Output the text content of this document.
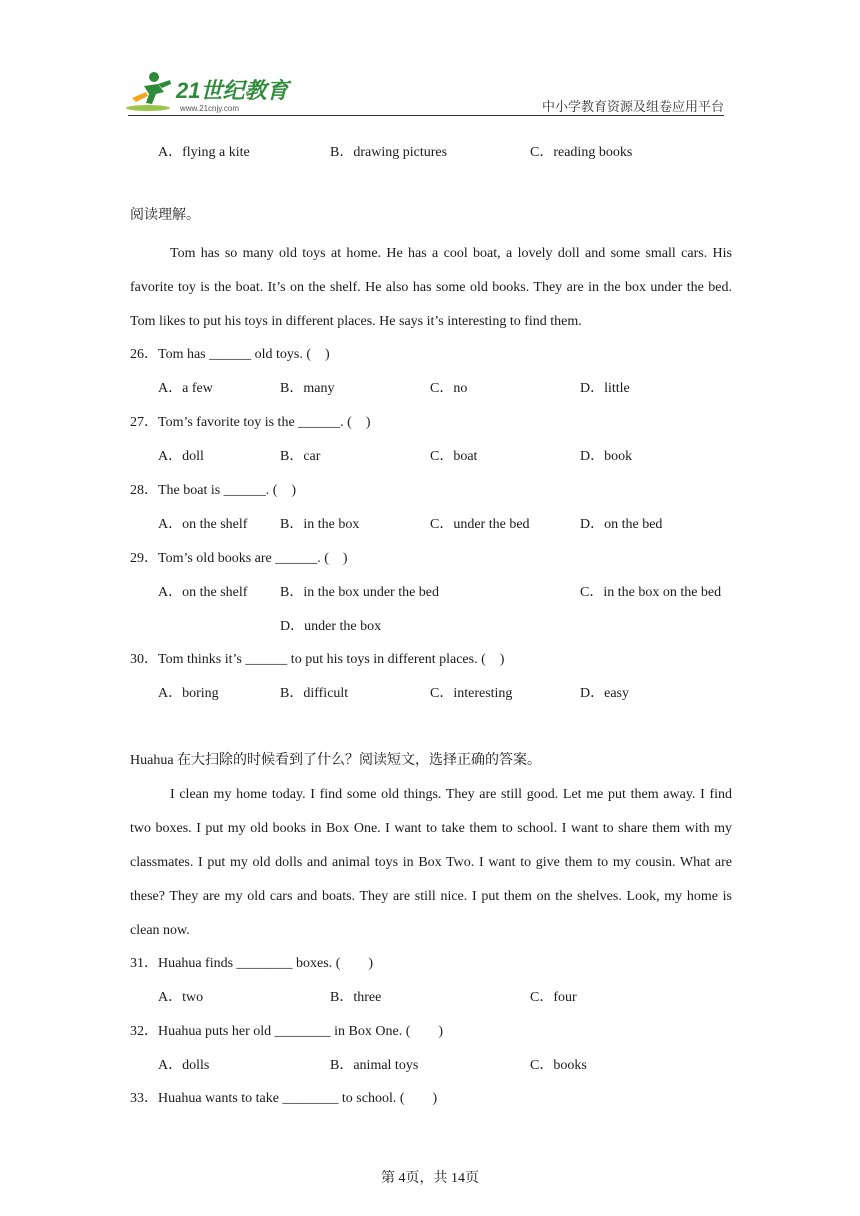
21世纪教育
www.21cnjy.com	中小学教育资源及组卷应用平台
A．flying a kite	B．drawing pictures	C．reading books
阅读理解。

Tom has so many old toys at home. He has a cool boat, a lovely doll and some small cars. His favorite toy is the boat. It’s on the shelf. He also has some old books. They are in the box under the bed. Tom likes to put his toys in different places. He says it’s interesting to find them.

26．Tom has ______ old toys. (　)
A．a few	B．many	C．no	D．little
27．Tom’s favorite toy is the ______. (　)
A．doll	B．car	C．boat	D．book
28．The boat is ______. (　)
A．on the shelf B．in the box	C．under the bed	D．on the bed
29．Tom’s old books are ______. (　)
A．on the shelf B．in the box under the bed	C．in the box on the bed
D．under the box
30．Tom thinks it’s ______ to put his toys in different places. (　)
A．boring	B．difficult	C．interesting	D．easy
Huahua 在大扫除的时候看到了什么？阅读短文，选择正确的答案。

I clean my home today. I find some old things. They are still good. Let me put them away. I find two boxes. I put my old books in Box One. I want to take them to school. I want to share them with my classmates. I put my old dolls and animal toys in Box Two. I want to give them to my cousin. What are these? They are my old cars and boats. They are still nice. I put them on the shelves. Look, my home is clean now.

31．Huahua finds ________ boxes. (　　)
A．two	B．three	C．four
32．Huahua puts her old ________ in Box One. (　　)
A．dolls	B．animal toys	C．books
33．Huahua wants to take ________ to school. (　　)
第 4页，共 14页
